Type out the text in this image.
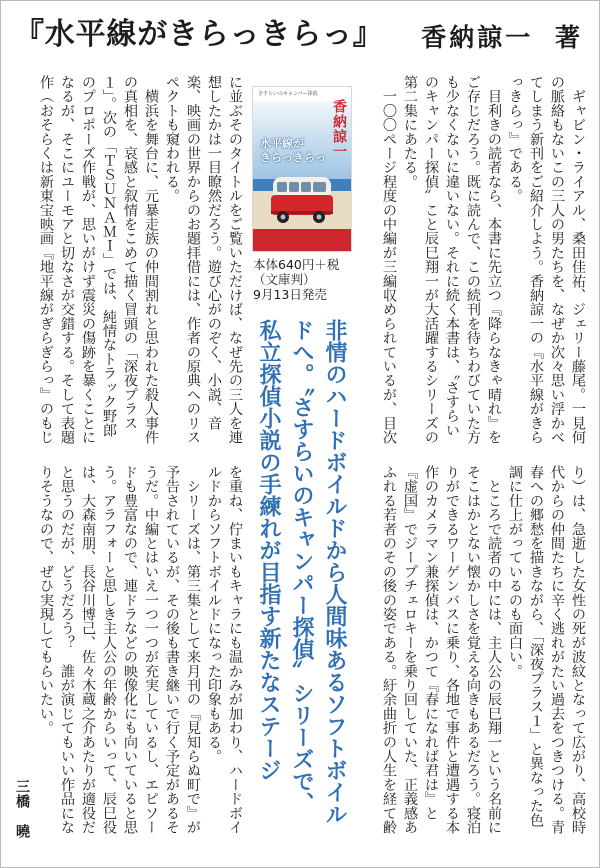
『水平線がきらっきらっ』 香納諒一 著

　ギャビン・ライアル、桑田佳祐、ジェリー藤尾。一見何

の脈絡もないこの三人の男たちを、なぜか次々思い浮かべ

てしまう新刊をご紹介しよう。香納諒一の『水平線がきら

っきらっ』である。

　目利きの読者なら、本書に先立つ『降らなきゃ晴れ』を

ご存じだろう。既に読んで、この続刊を待ちわびていた方

も少なくないに違いない。それに続く本書は、〝さすらい

のキャンパー探偵〟こと辰巳翔一が大活躍するシリーズの

第二集にあたる。

　一〇〇ページ程度の中編が三編収められているが、目次

さすらいのキャンパー探偵
香納諒一
水平線が
きらっきらっ
本体640円＋税
（文庫判）
9月13日発売

に並ぶそのタイトルをご覧いただけば、なぜ先の三人を連

想したかは一目瞭然だろう。遊び心がのぞく、小説、音

楽、映画の世界からのお題拝借には、作者の原典へのリス

ペクトも窺われる。

　横浜を舞台に、元暴走族の仲間割れと思われた殺人事件

の真相を、哀感と叙情をこめて描く冒頭の「深夜プラス

１」。次の「ＴＳＵＮＡＭＩ」では、純情なトラック野郎

のプロポーズ作戦が、思いがけず震災の傷跡を暴くことに

なるが、そこにユーモアと切なさが交錯する。そして表題

作（おそらくは新東宝映画『地平線がぎらぎらっ』のもじ

非情のハードボイルドから人間味あるソフトボイル

ドへ。〝さすらいのキャンパー探偵〟シリーズで、

私立探偵小説の手練れが目指す新たなステージ	り）は、急逝した女性の死が波紋となって広がり、高校時

代からの仲間たちに辛く逃れがたい過去をつきつける。青

春への郷愁を描きながら、「深夜プラス１」と異なった色

調に仕上がっているのも面白い。

　ところで読者の中には、主人公の辰巳翔一という名前に

そこはかとない懐かしさを覚える向きもあるだろう。寝泊

りができるワーゲンバスに乗り、各地で事件と遭遇する本

作のカメラマン兼探偵は、かつて『春になれば君は』と

『虚国』でジープチェロキーを乗り回していた、正義感あ

ふれる若者のその後の姿である。紆余曲折の人生を経て齢

を重ね、佇まいもキャラにも温かみが加わり、ハードボイ

ルドからソフトボイルドになった印象もある。

　シリーズは、第三集として来月刊の『見知らぬ町で』が

予告されているが、その後も書き継いで行く予定があるそ

うだ。中編とはいえ一つ一つが充実しているし、エピソー

ドも豊富なので、連ドラなどの映像化にも向いていると思

う。アラフォーと思しき主人公の年齢からいって、辰巳役

は、大森南朋、長谷川博己、佐々木蔵之介あたりが適役だ

と思うのだが、どうだろう？　誰が演じてもいい作品にな

りそうなので、ぜひ実現してもらいたい。

三橋　曉
